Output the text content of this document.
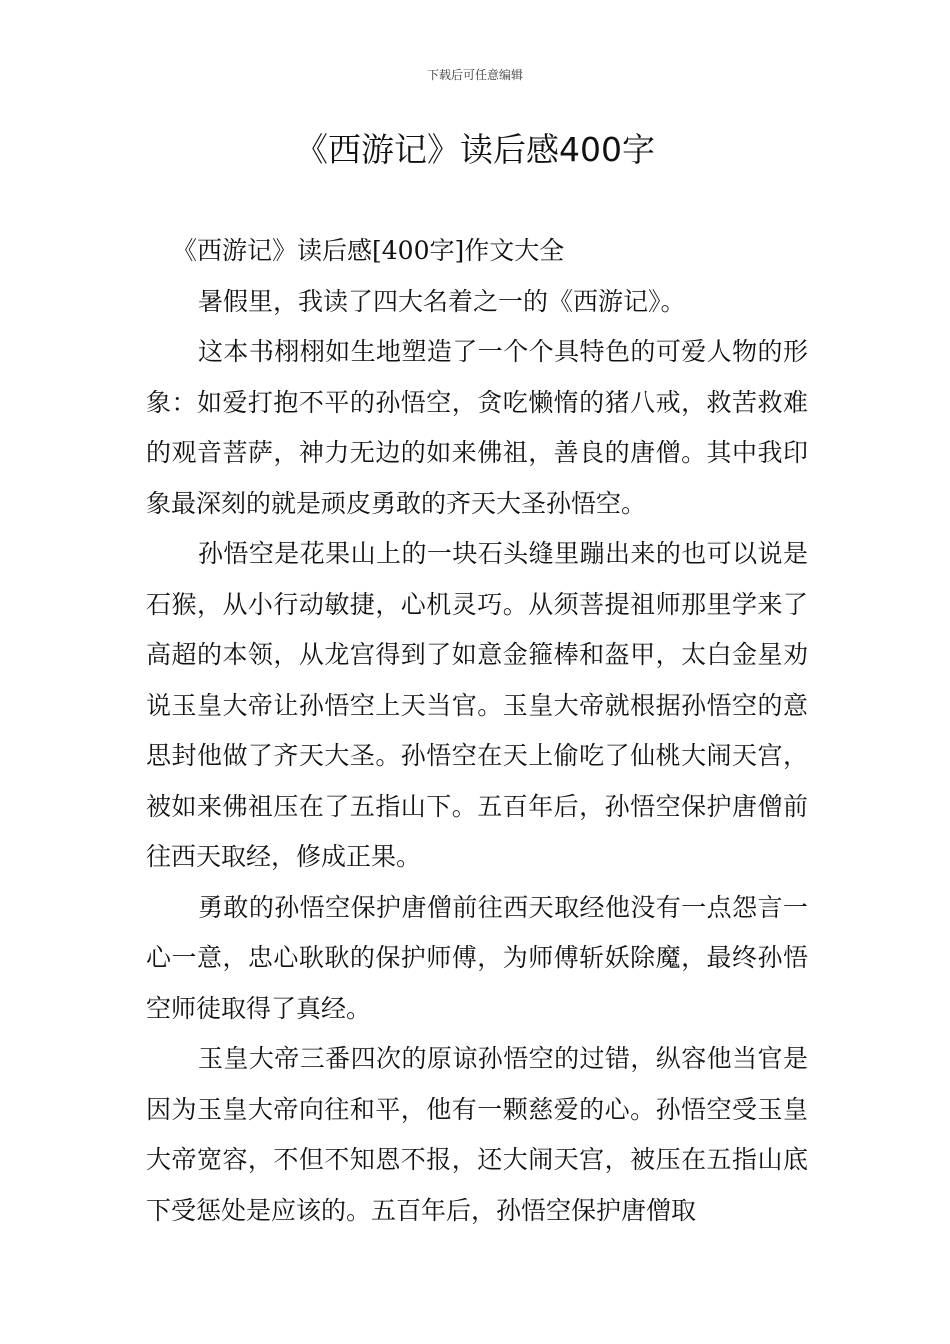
下载后可任意编辑
《西游记》读后感400字

《西游记》读后感[400字]作文大全

暑假里，我读了四大名着之一的《西游记》。

这本书栩栩如生地塑造了一个个具特色的可爱人物的形象：如爱打抱不平的孙悟空，贪吃懒惰的猪八戒，救苦救难的观音菩萨，神力无边的如来佛祖，善良的唐僧。其中我印象最深刻的就是顽皮勇敢的齐天大圣孙悟空。

孙悟空是花果山上的一块石头缝里蹦出来的也可以说是石猴，从小行动敏捷，心机灵巧。从须菩提祖师那里学来了高超的本领，从龙宫得到了如意金箍棒和盔甲，太白金星劝说玉皇大帝让孙悟空上天当官。玉皇大帝就根据孙悟空的意思封他做了齐天大圣。孙悟空在天上偷吃了仙桃大闹天宫，被如来佛祖压在了五指山下。五百年后，孙悟空保护唐僧前往西天取经，修成正果。

勇敢的孙悟空保护唐僧前往西天取经他没有一点怨言一心一意，忠心耿耿的保护师傅，为师傅斩妖除魔，最终孙悟空师徒取得了真经。

玉皇大帝三番四次的原谅孙悟空的过错，纵容他当官是因为玉皇大帝向往和平，他有一颗慈爱的心。孙悟空受玉皇大帝宽容，不但不知恩不报，还大闹天宫，被压在五指山底下受惩处是应该的。五百年后，孙悟空保护唐僧取
